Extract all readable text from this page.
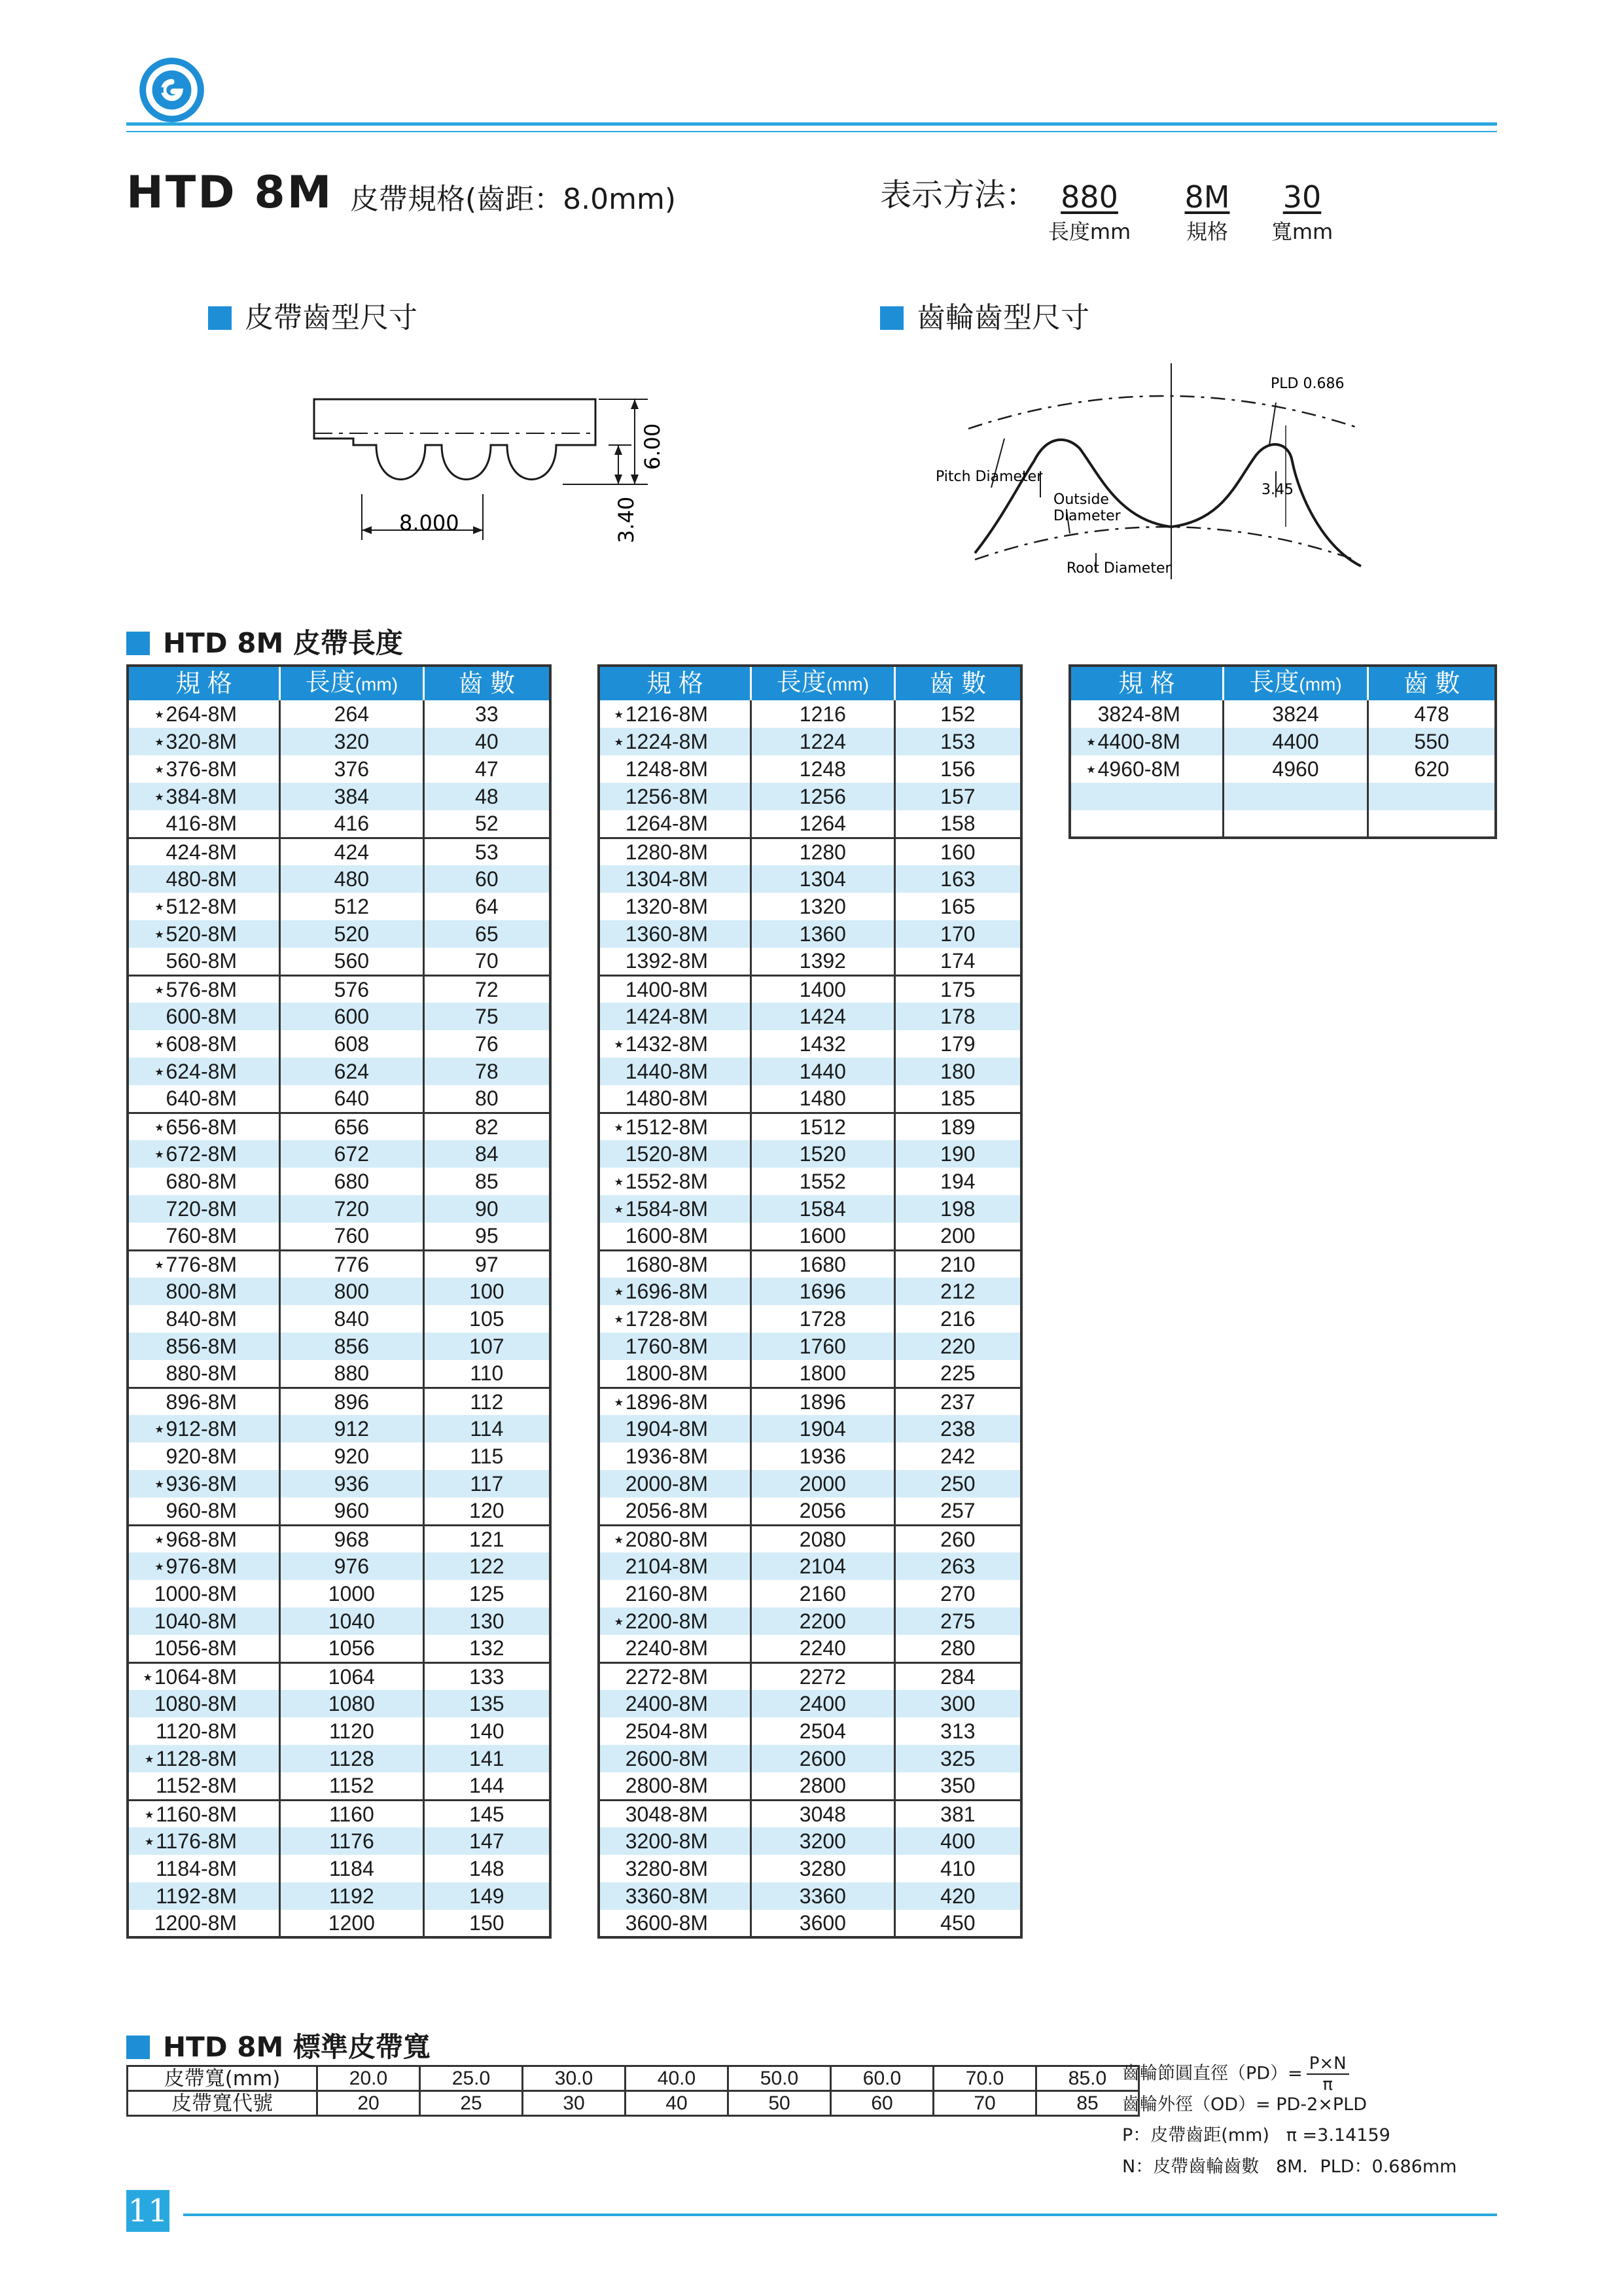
HTD 8M 皮帶規格(齒距：8.0mm)	表示方法： 880
長度mm
8M
規格
30
寬mm
皮帶齒型尺寸	齒輪齒型尺寸
8.000
6.00
3.40
PLD 0.686
Pitch Diameter
Outside
Diameter
Root Diameter
3.45
HTD 8M 皮帶長度
規 格	長度(mm)	齒 數
⋆264-8M	264	33
⋆320-8M	320	40
⋆376-8M	376	47
⋆384-8M	384	48
416-8M	416	52
424-8M	424	53
480-8M	480	60
⋆512-8M	512	64
⋆520-8M	520	65
560-8M	560	70
⋆576-8M	576	72
600-8M	600	75
⋆608-8M	608	76
⋆624-8M	624	78
640-8M	640	80
⋆656-8M	656	82
⋆672-8M	672	84
680-8M	680	85
720-8M	720	90
760-8M	760	95
⋆776-8M	776	97
800-8M	800	100
840-8M	840	105
856-8M	856	107
880-8M	880	110
896-8M	896	112
⋆912-8M	912	114
920-8M	920	115
⋆936-8M	936	117
960-8M	960	120
⋆968-8M	968	121
⋆976-8M	976	122
1000-8M	1000	125
1040-8M	1040	130
1056-8M	1056	132
⋆1064-8M	1064	133
1080-8M	1080	135
1120-8M	1120	140
⋆1128-8M	1128	141
1152-8M	1152	144
⋆1160-8M	1160	145
⋆1176-8M	1176	147
1184-8M	1184	148
1192-8M	1192	149
1200-8M	1200	150
規 格	長度(mm)	齒 數
⋆1216-8M	1216	152
⋆1224-8M	1224	153
1248-8M	1248	156
1256-8M	1256	157
1264-8M	1264	158
1280-8M	1280	160
1304-8M	1304	163
1320-8M	1320	165
1360-8M	1360	170
1392-8M	1392	174
1400-8M	1400	175
1424-8M	1424	178
⋆1432-8M	1432	179
1440-8M	1440	180
1480-8M	1480	185
⋆1512-8M	1512	189
1520-8M	1520	190
⋆1552-8M	1552	194
⋆1584-8M	1584	198
1600-8M	1600	200
1680-8M	1680	210
⋆1696-8M	1696	212
⋆1728-8M	1728	216
1760-8M	1760	220
1800-8M	1800	225
⋆1896-8M	1896	237
1904-8M	1904	238
1936-8M	1936	242
2000-8M	2000	250
2056-8M	2056	257
⋆2080-8M	2080	260
2104-8M	2104	263
2160-8M	2160	270
⋆2200-8M	2200	275
2240-8M	2240	280
2272-8M	2272	284
2400-8M	2400	300
2504-8M	2504	313
2600-8M	2600	325
2800-8M	2800	350
3048-8M	3048	381
3200-8M	3200	400
3280-8M	3280	410
3360-8M	3360	420
3600-8M	3600	450
規 格	長度(mm)	齒 數
3824-8M	3824	478
⋆4400-8M	4400	550
⋆4960-8M	4960	620

HTD 8M 標準皮帶寬
皮帶寬(mm)	20.0	25.0	30.0	40.0	50.0	60.0	70.0	85.0
皮帶寬代號	20	25	30	40	50	60	70	85
齒輪節圓直徑$(PD)= \frac{P\times N}{\pi}$
齒輪外徑（OD）= PD-2×PLD
P：皮帶齒距(mm) π =3.14159
N：皮帶齒輪齒數 8M．PLD：0.686mm
11
